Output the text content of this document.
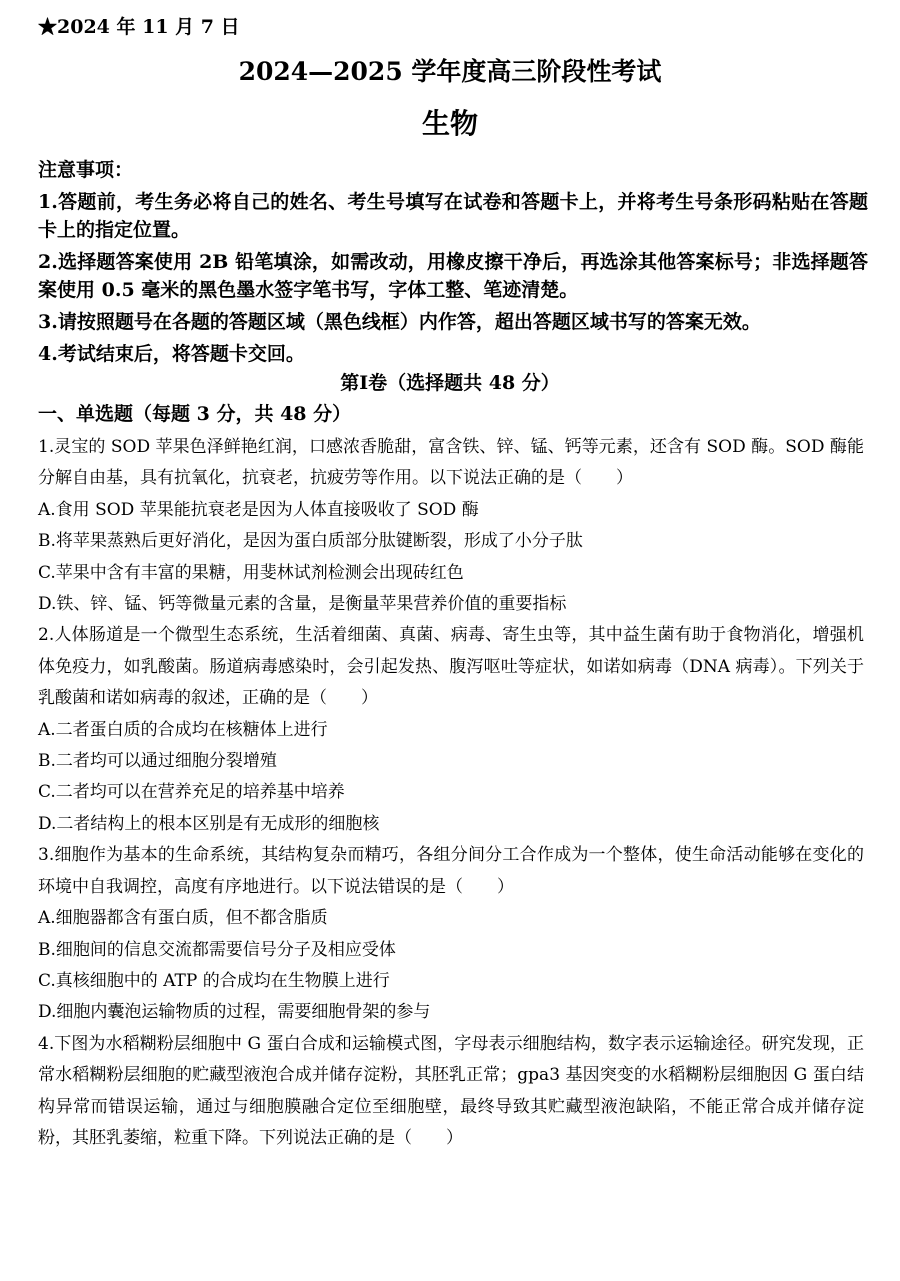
★2024 年 11 月 7 日
2024—2025 学年度高三阶段性考试
生物

注意事项：

1.答题前，考生务必将自己的姓名、考生号填写在试卷和答题卡上，并将考生号条形码粘贴在答题卡上的指定位置。

2.选择题答案使用 2B 铅笔填涂，如需改动，用橡皮擦干净后，再选涂其他答案标号；非选择题答案使用 0.5 毫米的黑色墨水签字笔书写，字体工整、笔迹清楚。

3.请按照题号在各题的答题区域（黑色线框）内作答，超出答题区域书写的答案无效。

4.考试结束后，将答题卡交回。

第Ⅰ卷（选择题共 48 分）
一、单选题（每题 3 分，共 48 分）

1.灵宝的 SOD 苹果色泽鲜艳红润，口感浓香脆甜，富含铁、锌、锰、钙等元素，还含有 SOD 酶。SOD 酶能分解自由基，具有抗氧化，抗衰老，抗疲劳等作用。以下说法正确的是（　　）

A.食用 SOD 苹果能抗衰老是因为人体直接吸收了 SOD 酶

B.将苹果蒸熟后更好消化，是因为蛋白质部分肽键断裂，形成了小分子肽

C.苹果中含有丰富的果糖，用斐林试剂检测会出现砖红色

D.铁、锌、锰、钙等微量元素的含量，是衡量苹果营养价值的重要指标

2.人体肠道是一个微型生态系统，生活着细菌、真菌、病毒、寄生虫等，其中益生菌有助于食物消化，增强机体免疫力，如乳酸菌。肠道病毒感染时，会引起发热、腹泻呕吐等症状，如诺如病毒（DNA 病毒）。下列关于乳酸菌和诺如病毒的叙述，正确的是（　　）

A.二者蛋白质的合成均在核糖体上进行

B.二者均可以通过细胞分裂增殖

C.二者均可以在营养充足的培养基中培养

D.二者结构上的根本区别是有无成形的细胞核

3.细胞作为基本的生命系统，其结构复杂而精巧，各组分间分工合作成为一个整体，使生命活动能够在变化的环境中自我调控，高度有序地进行。以下说法错误的是（　　）

A.细胞器都含有蛋白质，但不都含脂质

B.细胞间的信息交流都需要信号分子及相应受体

C.真核细胞中的 ATP 的合成均在生物膜上进行

D.细胞内囊泡运输物质的过程，需要细胞骨架的参与

4.下图为水稻糊粉层细胞中 G 蛋白合成和运输模式图，字母表示细胞结构，数字表示运输途径。研究发现，正常水稻糊粉层细胞的贮藏型液泡合成并储存淀粉，其胚乳正常；gpa3 基因突变的水稻糊粉层细胞因 G 蛋白结构异常而错误运输，通过与细胞膜融合定位至细胞壁，最终导致其贮藏型液泡缺陷，不能正常合成并储存淀粉，其胚乳萎缩，粒重下降。下列说法正确的是（　　）
